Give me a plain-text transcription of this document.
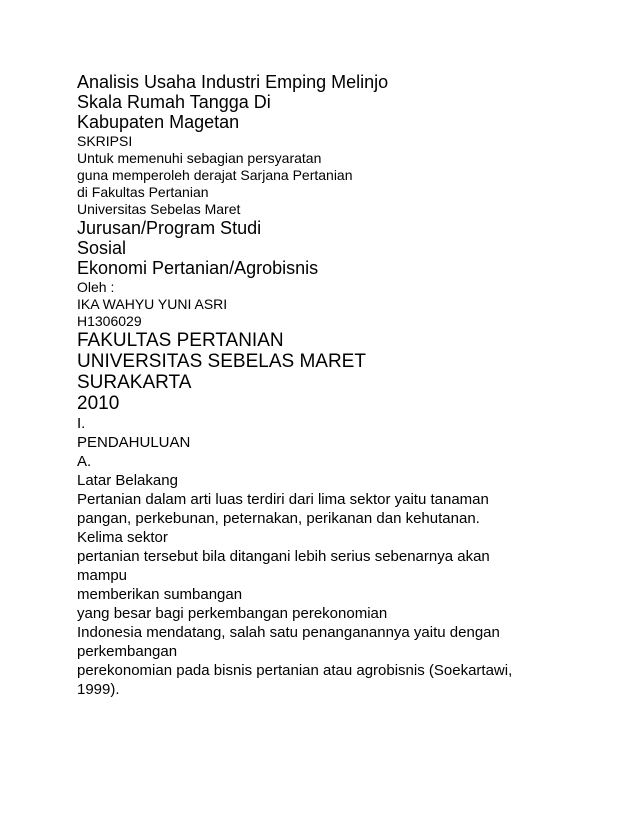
Analisis Usaha Industri Emping Melinjo
Skala Rumah Tangga Di
Kabupaten Magetan
SKRIPSI
Untuk memenuhi sebagian persyaratan
guna memperoleh derajat Sarjana Pertanian
di Fakultas Pertanian
Universitas Sebelas Maret
Jurusan/Program Studi
Sosial
Ekonomi Pertanian/Agrobisnis
Oleh :
IKA WAHYU YUNI ASRI
H1306029
FAKULTAS PERTANIAN
UNIVERSITAS SEBELAS MARET
SURAKARTA
2010
I.
PENDAHULUAN
A.
Latar Belakang
Pertanian dalam arti luas terdiri dari lima sektor yaitu tanaman
pangan, perkebunan, peternakan, perikanan dan kehutanan.
Kelima sektor
pertanian tersebut bila ditangani lebih serius sebenarnya akan
mampu
memberikan sumbangan
yang besar bagi perkembangan perekonomian
Indonesia mendatang, salah satu penanganannya yaitu dengan
perkembangan
perekonomian pada bisnis pertanian atau agrobisnis (Soekartawi,
1999).
